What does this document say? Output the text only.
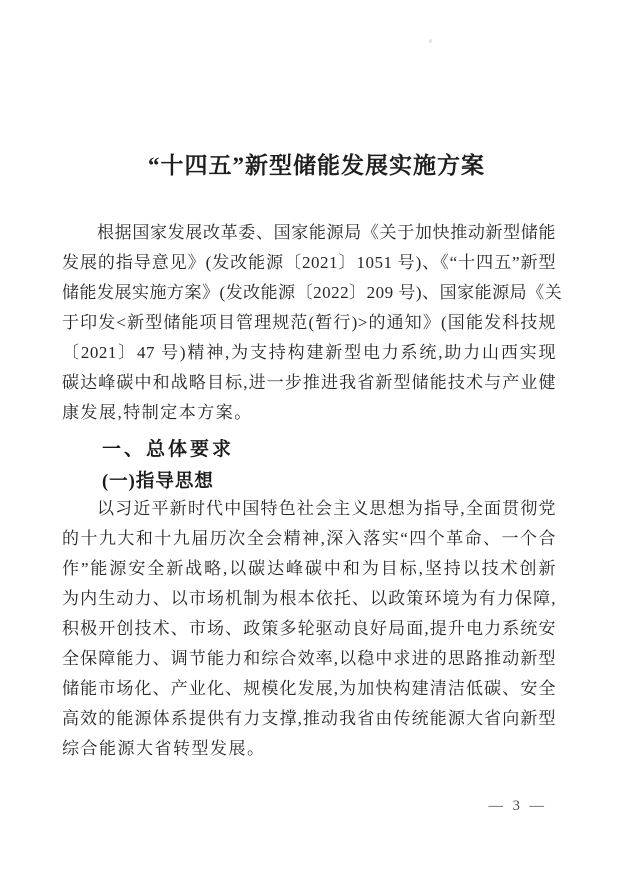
“十四五”新型储能发展实施方案
根据国家发展改革委、国家能源局《关于加快推动新型储能
发展的指导意见》(发改能源〔2021〕1051 号)、《“十四五”新型
储能发展实施方案》(发改能源〔2022〕209 号)、国家能源局《关
于印发<新型储能项目管理规范(暂行)>的通知》(国能发科技规
〔2021〕47 号)精神,为支持构建新型电力系统,助力山西实现
碳达峰碳中和战略目标,进一步推进我省新型储能技术与产业健
康发展,特制定本方案。
一、总体要求
(一)指导思想
以习近平新时代中国特色社会主义思想为指导,全面贯彻党
的十九大和十九届历次全会精神,深入落实“四个革命、一个合
作”能源安全新战略,以碳达峰碳中和为目标,坚持以技术创新
为内生动力、以市场机制为根本依托、以政策环境为有力保障,
积极开创技术、市场、政策多轮驱动良好局面,提升电力系统安
全保障能力、调节能力和综合效率,以稳中求进的思路推动新型
储能市场化、产业化、规模化发展,为加快构建清洁低碳、安全
高效的能源体系提供有力支撑,推动我省由传统能源大省向新型
综合能源大省转型发展。
— 3 —
